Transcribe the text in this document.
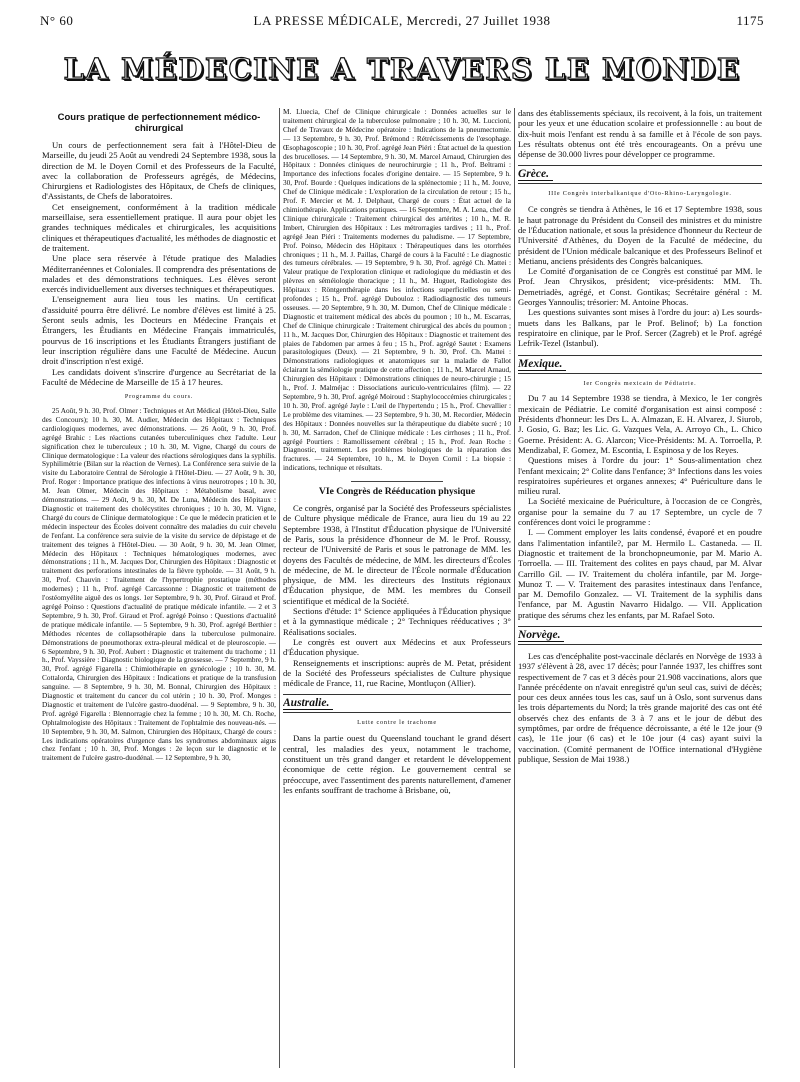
N° 60	LA PRESSE MÉDICALE, Mercredi, 27 Juillet 1938	1175
LA MÉDECINE A TRAVERS LE MONDE
Cours pratique de perfectionnement médico-chirurgical

Un cours de perfectionnement sera fait à l'Hôtel-Dieu de Marseille, du jeudi 25 Août au vendredi 24 Septembre 1938, sous la direction de M. le Doyen Cornil et des Professeurs de la Faculté, avec la collaboration de Professeurs agrégés, de Médecins, Chirurgiens et Radiologistes des Hôpitaux, de Chefs de cliniques, d'Assistants, de Chefs de laboratoires.

Cet enseignement, conformément à la tradition médicale marseillaise, sera essentiellement pratique. Il aura pour objet les grandes techniques médicales et chirurgicales, les acquisitions cliniques et thérapeutiques d'actualité, les méthodes de diagnostic et de traitement.

Une place sera réservée à l'étude pratique des Maladies Méditerranéennes et Coloniales. Il comprendra des présentations de malades et des démonstrations techniques. Les élèves seront exercés individuellement aux diverses techniques et thérapeutiques.

L'enseignement aura lieu tous les matins. Un certificat d'assiduité pourra être délivré. Le nombre d'élèves est limité à 25. Seront seuls admis, les Docteurs en Médecine Français et Étrangers, les Étudiants en Médecine Français immatriculés, pourvus de 16 inscriptions et les Étudiants Étrangers justifiant de leur inscription régulière dans une Faculté de Médecine. Aucun droit d'inscription n'est exigé.

Les candidats doivent s'inscrire d'urgence au Secrétariat de la Faculté de Médecine de Marseille de 15 à 17 heures.

Programme du cours.

25 Août, 9 h. 30, Prof. Olmer : Techniques et Art Médical (Hôtel-Dieu, Salle des Concours); 10 h. 30, M. Audier, Médecin des Hôpitaux : Techniques cardiologiques modernes, avec démonstrations. — 26 Août, 9 h. 30, Prof. agrégé Brahic : Les réactions cutanées tuberculiniques chez l'adulte. Leur signification chez le tuberculeux ; 10 h. 30, M. Vigne, Chargé du cours de Clinique dermatologique : La valeur des réactions sérologiques dans la syphilis. Syphilimétrie (Bilan sur la réaction de Vernes). La Conférence sera suivie de la visite du Laboratoire Central de Sérologie à l'Hôtel-Dieu. — 27 Août, 9 h. 30, Prof. Roger : Importance pratique des infections à virus neurotropes ; 10 h. 30, M. Jean Olmer, Médecin des Hôpitaux : Métabolisme basal, avec démonstrations. — 29 Août, 9 h. 30, M. De Luna, Médecin des Hôpitaux : Diagnostic et traitement des cholécystites chroniques ; 10 h. 30, M. Vigne, Chargé du cours de Clinique dermatologique : Ce que le médecin praticien et le médecin inspecteur des Écoles doivent connaître des maladies du cuir chevelu de l'enfant. La conférence sera suivie de la visite du service de dépistage et de traitement des teignes à l'Hôtel-Dieu. — 30 Août, 9 h. 30, M. Jean Olmer, Médecin des Hôpitaux : Techniques hématologiques modernes, avec démonstrations ; 11 h., M. Jacques Dor, Chirurgien des Hôpitaux : Diagnostic et traitement des perforations intestinales de la fièvre typhoïde. — 31 Août, 9 h. 30, Prof. Chauvin : Traitement de l'hypertrophie prostatique (méthodes modernes) ; 11 h., Prof. agrégé Carcassonne : Diagnostic et traitement de l'ostéomyélite aiguë des os longs. 1er Septembre, 9 h. 30, Prof. Giraud et Prof. agrégé Poinso : Questions d'actualité de pratique médicale infantile. — 2 et 3 Septembre, 9 h. 30, Prof. Giraud et Prof. agrégé Poinso : Questions d'actualité de pratique médicale infantile. — 5 Septembre, 9 h. 30, Prof. agrégé Berthier : Méthodes récentes de collapsothérapie dans la tuberculose pulmonaire. Démonstrations de pneumothorax extra-pleural médical et de pleuroscopie. — 6 Septembre, 9 h. 30, Prof. Aubert : Diagnostic et traitement du trachome ; 11 h., Prof. Vayssière : Diagnostic biologique de la grossesse. — 7 Septembre, 9 h. 30, Prof. agrégé Figarella : Chimiothérapie en gynécologie ; 10 h. 30, M. Cottalorda, Chirurgien des Hôpitaux : Indications et pratique de la transfusion sanguine. — 8 Septembre, 9 h. 30, M. Bonnal, Chirurgien des Hôpitaux : Diagnostic et traitement du cancer du col utérin ; 10 h. 30, Prof. Monges : Diagnostic et traitement de l'ulcère gastro-duodénal. — 9 Septembre, 9 h. 30, Prof. agrégé Figarella : Blennorragie chez la femme ; 10 h. 30, M. Ch. Roche, Ophtalmologiste des Hôpitaux : Traitement de l'ophtalmie des nouveau-nés. — 10 Septembre, 9 h. 30, M. Salmon, Chirurgien des Hôpitaux, Chargé de cours : Les indications opératoires d'urgence dans les syndromes abdominaux aigus chez l'enfant ; 10 h. 30, Prof. Monges : 2e leçon sur le diagnostic et le traitement de l'ulcère gastro-duodénal. — 12 Septembre, 9 h. 30,

M. Lluecia, Chef de Clinique chirurgicale : Données actuelles sur le traitement chirurgical de la tuberculose pulmonaire ; 10 h. 30, M. Luccioni, Chef de Travaux de Médecine opératoire : Indications de la pneumectomie. — 13 Septembre, 9 h. 30, Prof. Brémond : Rétrécissements de l'œsophage. Œsophagoscopie ; 10 h. 30, Prof. agrégé Jean Piéri : État actuel de la question des brucelloses. — 14 Septembre, 9 h. 30, M. Marcel Arnaud, Chirurgien des Hôpitaux : Données cliniques de neurochirurgie ; 11 h., Prof. Beltrami : Importance des infections focales d'origine dentaire. — 15 Septembre, 9 h. 30, Prof. Bourde : Quelques indications de la splénectomie ; 11 h., M. Jouve, Chef de Clinique médicale : L'exploration de la circulation de retour ; 15 h., Prof. F. Mercier et M. J. Delphaut, Chargé de cours : État actuel de la chimiothérapie. Applications pratiques. — 16 Septembre, M. A. Lena, chef de Clinique chirurgicale : Traitement chirurgical des artérites ; 10 h., M. R. Imbert, Chirurgien des Hôpitaux : Les métrorragies tardives ; 11 h., Prof. agrégé Jean Piéri : Traitements modernes du paludisme. — 17 Septembre, Prof. Poinso, Médecin des Hôpitaux : Thérapeutiques dans les otorrhées chroniques ; 11 h., M. J. Paillas, Chargé de cours à la Faculté : Le diagnostic des tumeurs cérébrales. — 19 Septembre, 9 h. 30, Prof. agrégé Ch. Mattei : Valeur pratique de l'exploration clinique et radiologique du médiastin et des plèvres en séméiologie thoracique ; 11 h., M. Huguet, Radiologiste des Hôpitaux : Röntgenthérapie dans les infections superficielles ou semi-profondes ; 15 h., Prof. agrégé Dubouloz : Radiodiagnostic des tumeurs osseuses. — 20 Septembre, 9 h. 30, M. Dumon, Chef de Clinique médicale : Diagnostic et traitement médical des abcès du poumon ; 10 h., M. Escarras, Chef de Clinique chirurgicale : Traitement chirurgical des abcès du poumon ; 11 h., M. Jacques Dor, Chirurgien des Hôpitaux : Diagnostic et traitement des plaies de l'abdomen par armes à feu ; 15 h., Prof. agrégé Sautet : Examens parasitologiques (Deux). — 21 Septembre, 9 h. 30, Prof. Ch. Mattei : Démonstrations radiologiques et anatomiques sur la maladie de Fallot éclairant la séméiologie pratique de cette affection ; 11 h., M. Marcel Arnaud, Chirurgien des Hôpitaux : Démonstrations cliniques de neuro-chirurgie ; 15 h., Prof. J. Malméjac : Dissociations auriculo-ventriculaires (film). — 22 Septembre, 9 h. 30, Prof. agrégé Moiroud : Staphylococcémies chirurgicales ; 10 h. 30, Prof. agrégé Jayle : L'œil de l'hypertendu ; 15 h., Prof. Chevallier : Le problème des vitamines. — 23 Septembre, 9 h. 30, M. Recordier, Médecin des Hôpitaux : Données nouvelles sur la thérapeutique du diabète sucré ; 10 h. 30, M. Sarradon, Chef de Clinique médicale : Les cirrhoses ; 11 h., Prof. agrégé Pourtiers : Ramollissement cérébral ; 15 h., Prof. Jean Roche : Diagnostic, traitement. Les problèmes biologiques de la réparation des fractures. — 24 Septembre, 10 h., M. le Doyen Cornil : La biopsie : indications, technique et résultats.

VIe Congrès de Rééducation physique

Ce congrès, organisé par la Société des Professeurs spécialistes de Culture physique médicale de France, aura lieu du 19 au 22 Septembre 1938, à l'Institut d'Éducation physique de l'Université de Paris, sous la présidence d'honneur de M. le Prof. Roussy, recteur de l'Université de Paris et sous le patronage de MM. les doyens des Facultés de médecine, de MM. les directeurs d'Écoles de médecine, de M. le directeur de l'École normale d'Éducation physique, de MM. les directeurs des Instituts régionaux d'Éducation physique, de MM. les membres du Conseil scientifique et médical de la Société.

Sections d'étude: 1° Science appliquées à l'Éducation physique et à la gymnastique médicale ; 2° Techniques rééducatives ; 3° Réalisations sociales.

Le congrès est ouvert aux Médecins et aux Professeurs d'Éducation physique.

Renseignements et inscriptions: auprès de M. Petat, président de la Société des Professeurs spécialistes de Culture physique médicale de France, 11, rue Racine, Montluçon (Allier).

Australie.
Lutte contre le trachome

Dans la partie ouest du Queensland touchant le grand désert central, les maladies des yeux, notamment le trachome, constituent un très grand danger et retardent le développement économique de cette région. Le gouvernement central se préoccupe, avec l'assentiment des parents naturellement, d'amener les enfants souffrant de trachome à Brisbane, où,

dans des établissements spéciaux, ils recoivent, à la fois, un traitement pour les yeux et une éducation scolaire et professionnelle : au bout de dix-huit mois l'enfant est rendu à sa famille et à l'école de son pays. Les résultats obtenus ont été très encourageants. On a prévu une dépense de 30.000 livres pour développer ce programme.

Grèce.
IIIe Congrès interbalkanique d'Oto-Rhino-Laryngologie.

Ce congrès se tiendra à Athènes, le 16 et 17 Septembre 1938, sous le haut patronage du Président du Conseil des ministres et du ministre de l'Éducation nationale, et sous la présidence d'honneur du Recteur de l'Université d'Athènes, du Doyen de la Faculté de médecine, du président de l'Union médicale balcanique et des Professeurs Belinof et Metianu, anciens présidents des Congrès balcaniques.

Le Comité d'organisation de ce Congrès est constitué par MM. le Prof. Jean Chrysikos, président; vice-présidents: MM. Th. Demetriadès, agrégé, et Const. Gontikas; Secrétaire général : M. Georges Yannoulis; trésorier: M. Antoine Phocas.

Les questions suivantes sont mises à l'ordre du jour: a) Les sourds-muets dans les Balkans, par le Prof. Belinof; b) La fonction respiratoire en clinique, par le Prof. Sercer (Zagreb) et le Prof. agrégé Lefrik-Tezel (Istanbul).

Mexique.
Ier Congrès mexicain de Pédiatrie.

Du 7 au 14 Septembre 1938 se tiendra, à Mexico, le 1er congrès mexicain de Pédiatrie. Le comité d'organisation est ainsi composé : Présidents d'honneur: les Drs L. A. Almazan, E. H. Alvarez, J. Siurob, J. Gosio, G. Baz; les Lic. G. Vazques Vela, A. Arroyo Ch., L. Chico Goerne. Président: A. G. Alarcon; Vice-Présidents: M. A. Torroella, P. Mendizabal, F. Gomez, M. Escontia, I. Espinosa y de los Reyes.

Questions mises à l'ordre du jour: 1° Sous-alimentation chez l'enfant mexicain; 2° Colite dans l'enfance; 3° Infections dans les voies respiratoires supérieures et organes annexes; 4° Puériculture dans le milieu rural.

La Société mexicaine de Puériculture, à l'occasion de ce Congrès, organise pour la semaine du 7 au 17 Septembre, un cycle de 7 conférences dont voici le programme :

I. — Comment employer les laits condensé, évaporé et en poudre dans l'alimentation infantile?, par M. Hermilo L. Castaneda. — II. Diagnostic et traitement de la bronchopneumonie, par M. Mario A. Torroella. — III. Traitement des colites en pays chaud, par M. Alvar Carrillo Gil. — IV. Traitement du choléra infantile, par M. Jorge-Munoz T. — V. Traitement des parasites intestinaux dans l'enfance, par M. Demofilo Gonzalez. — VI. Traitement de la syphilis dans l'enfance, par M. Agustin Navarro Hidalgo. — VII. Application pratique des sérums chez les enfants, par M. Rafael Soto.

Norvège.

Les cas d'encéphalite post-vaccinale déclarés en Norvège de 1933 à 1937 s'élèvent à 28, avec 17 décès; pour l'année 1937, les chiffres sont respectivement de 7 cas et 3 décès pour 21.908 vaccinations, alors que l'année précédente on n'avait enregistré qu'un seul cas, suivi de décès; pour ces deux années tous les cas, sauf un à Oslo, sont survenus dans les trois départements du Nord; la très grande majorité des cas ont été observés chez des enfants de 3 à 7 ans et le jour de début des symptômes, par ordre de fréquence décroissante, a été le 12e jour (9 cas), le 11e jour (6 cas) et le 10e jour (4 cas) ayant suivi la vaccination. (Comité permanent de l'Office international d'Hygiène publique, Session de Mai 1938.)
